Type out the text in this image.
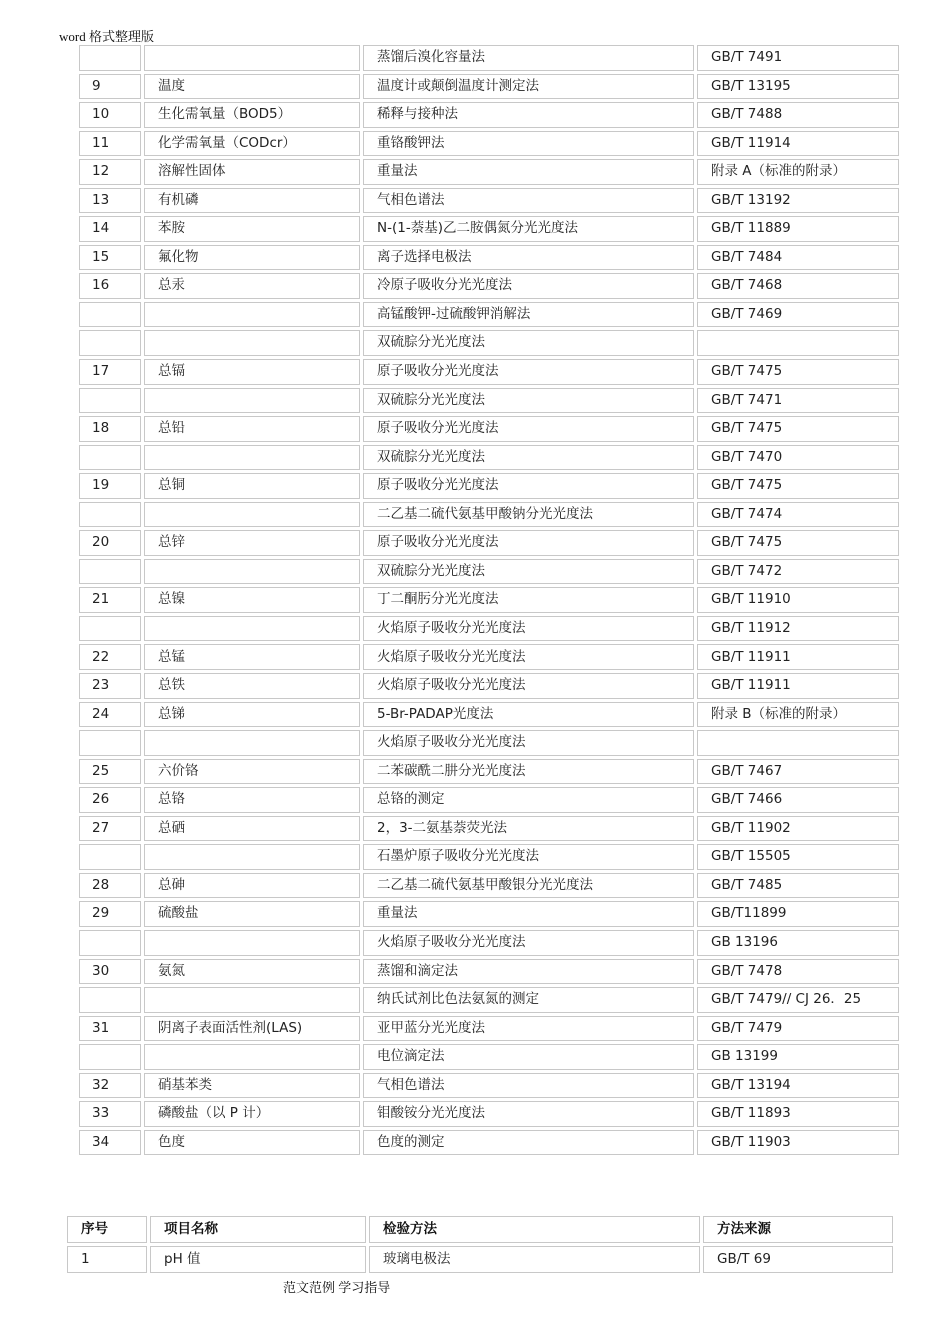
word 格式整理版
		蒸馏后溴化容量法	GB/T 7491
9	温度	温度计或颠倒温度计测定法	GB/T 13195
10	生化需氧量（BOD5）	稀释与接种法	GB/T 7488
11	化学需氧量（CODcr）	重铬酸钾法	GB/T 11914
12	溶解性固体	重量法	附录 A（标准的附录）
13	有机磷	气相色谱法	GB/T 13192
14	苯胺	N-(1-萘基)乙二胺偶氮分光光度法	GB/T 11889
15	氟化物	离子选择电极法	GB/T 7484
16	总汞	冷原子吸收分光光度法	GB/T 7468
		高锰酸钾-过硫酸钾消解法	GB/T 7469
		双硫腙分光光度法	
17	总镉	原子吸收分光光度法	GB/T 7475
		双硫腙分光光度法	GB/T 7471
18	总铅	原子吸收分光光度法	GB/T 7475
		双硫腙分光光度法	GB/T 7470
19	总铜	原子吸收分光光度法	GB/T 7475
		二乙基二硫代氨基甲酸钠分光光度法	GB/T 7474
20	总锌	原子吸收分光光度法	GB/T 7475
		双硫腙分光光度法	GB/T 7472
21	总镍	丁二酮肟分光光度法	GB/T 11910
		火焰原子吸收分光光度法	GB/T 11912
22	总锰	火焰原子吸收分光光度法	GB/T 11911
23	总铁	火焰原子吸收分光光度法	GB/T 11911
24	总锑	5-Br-PADAP光度法	附录 B（标准的附录）
		火焰原子吸收分光光度法	
25	六价铬	二苯碳酰二肼分光光度法	GB/T 7467
26	总铬	总铬的测定	GB/T 7466
27	总硒	2，3-二氨基萘荧光法	GB/T 11902
		石墨炉原子吸收分光光度法	GB/T 15505
28	总砷	二乙基二硫代氨基甲酸银分光光度法	GB/T 7485
29	硫酸盐	重量法	GB/T11899
		火焰原子吸收分光光度法	GB 13196
30	氨氮	蒸馏和滴定法	GB/T 7478
		纳氏试剂比色法氨氮的测定	GB/T 7479// CJ 26．25
31	阴离子表面活性剂(LAS)	亚甲蓝分光光度法	GB/T 7479
		电位滴定法	GB 13199
32	硝基苯类	气相色谱法	GB/T 13194
33	磷酸盐（以 P 计）	钼酸铵分光光度法	GB/T 11893
34	色度	色度的测定	GB/T 11903
序号	项目名称	检验方法	方法来源
1	pH 值	玻璃电极法	GB/T 69
范文范例 学习指导
